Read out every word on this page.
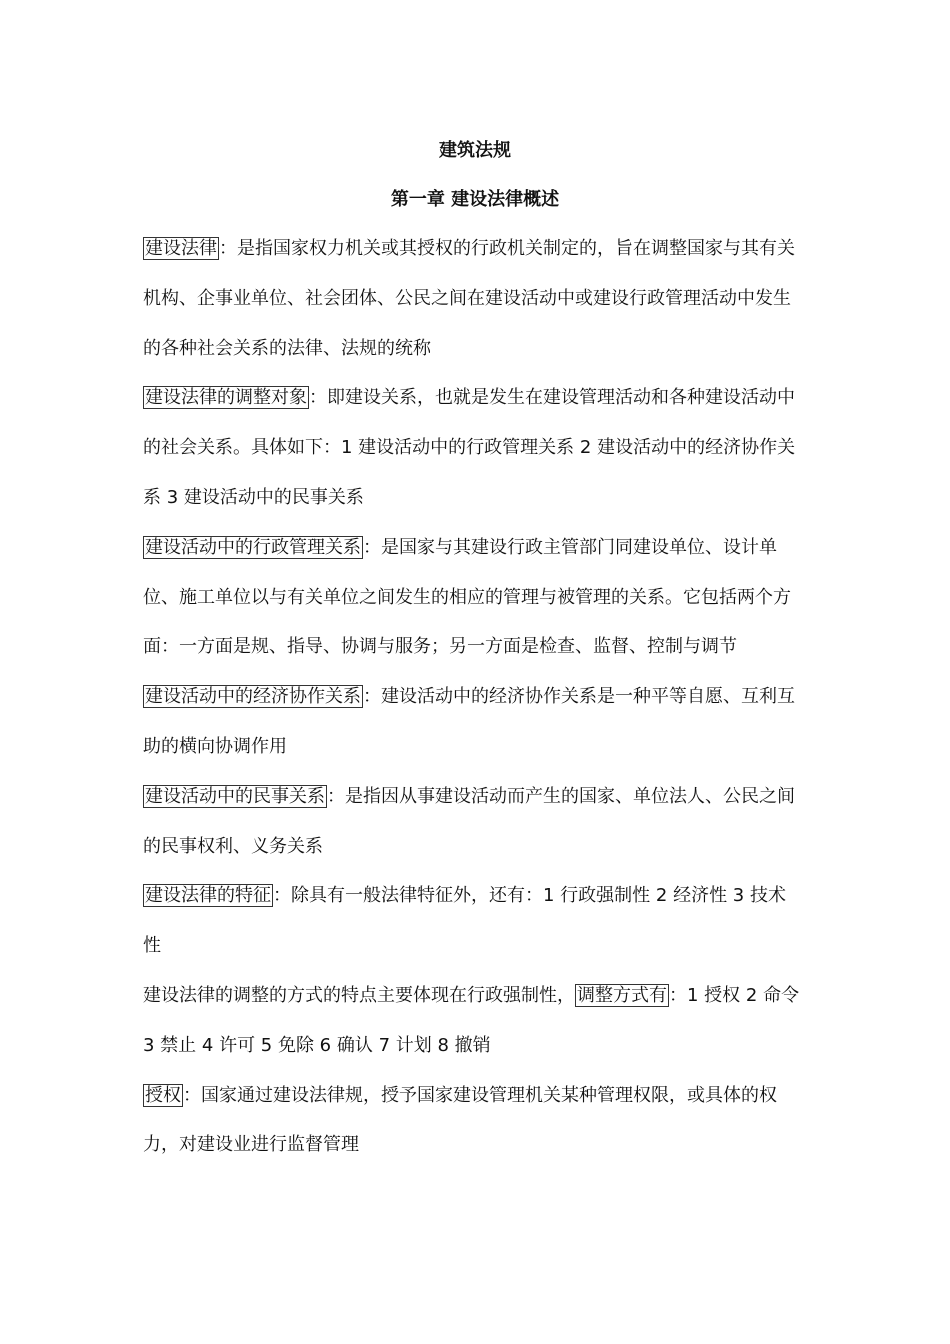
建筑法规
第一章 建设法律概述

建设法律 ：是指国家权力机关或其授权的行政机关制定的，旨在调整国家与其有关机构、企事业单位、社会团体、公民之间在建设活动中或建设行政管理活动中发生的各种社会关系的法律、法规的统称

建设法律的调整对象 ：即建设关系，也就是发生在建设管理活动和各种建设活动中的社会关系。具体如下：1 建设活动中的行政管理关系 2 建设活动中的经济协作关系 3 建设活动中的民事关系

建设活动中的行政管理关系 ：是国家与其建设行政主管部门同建设单位、设计单位、施工单位以与有关单位之间发生的相应的管理与被管理的关系。它包括两个方面：一方面是规、指导、协调与服务；另一方面是检查、监督、控制与调节

建设活动中的经济协作关系 ：建设活动中的经济协作关系是一种平等自愿、互利互助的横向协调作用

建设活动中的民事关系 ：是指因从事建设活动而产生的国家、单位法人、公民之间的民事权利、义务关系

建设法律的特征 ：除具有一般法律特征外，还有：1 行政强制性 2 经济性 3 技术性

建设法律的调整的方式的特点主要体现在行政强制性， 调整方式有 ：1 授权 2 命令 3 禁止 4 许可 5 免除 6 确认 7 计划 8 撤销

授权 ：国家通过建设法律规，授予国家建设管理机关某种管理权限，或具体的权力，对建设业进行监督管理
